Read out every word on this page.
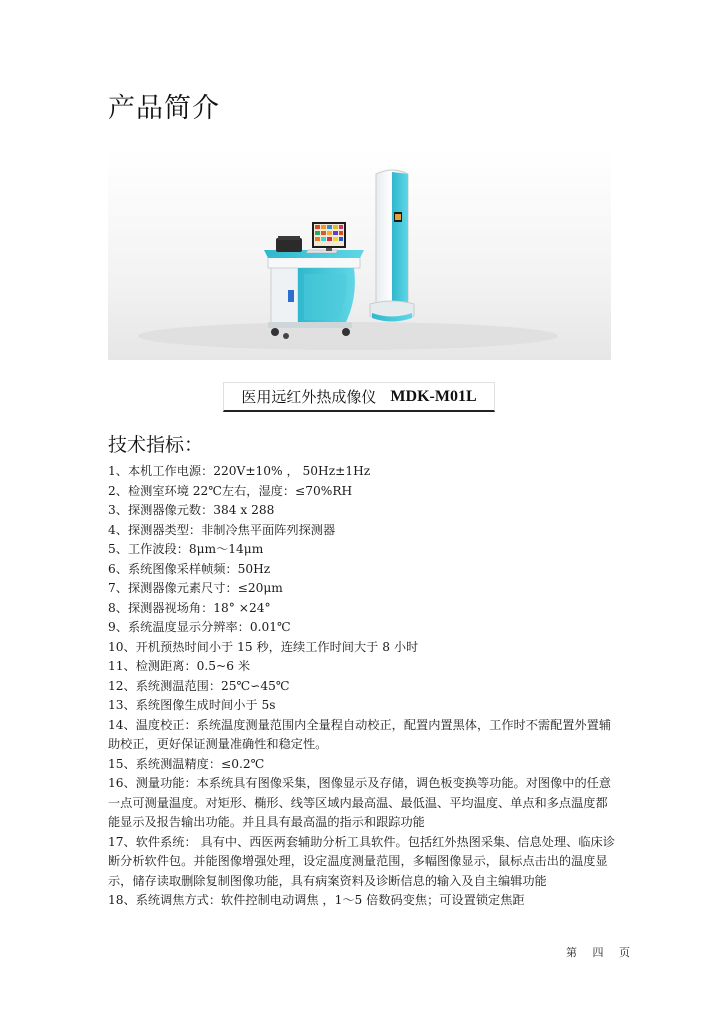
产品简介
医用远红外热成像仪 MDK-M01L
技术指标：
1、本机工作电源：220V±10% ， 50Hz±1Hz
2、检测室环境 22℃左右，湿度：≤70%RH
3、探测器像元数：384 x 288
4、探测器类型：非制冷焦平面阵列探测器
5、工作波段：8μm～14μm
6、系统图像采样帧频：50Hz
7、探测器像元素尺寸：≤20μm
8、探测器视场角：18° ×24°
9、系统温度显示分辨率：0.01℃
10、开机预热时间小于 15 秒，连续工作时间大于 8 小时
11、检测距离：0.5~6 米
12、系统测温范围：25℃∽45℃
13、系统图像生成时间小于 5s
14、温度校正：系统温度测量范围内全量程自动校正，配置内置黑体，工作时不需配置外置辅助校正，更好保证测量准确性和稳定性。
15、系统测温精度：≤0.2℃
16、测量功能：本系统具有图像采集，图像显示及存储，调色板变换等功能。对图像中的任意一点可测量温度。对矩形、椭形、线等区域内最高温、最低温、平均温度、单点和多点温度都能显示及报告输出功能。并且具有最高温的指示和跟踪功能
17、软件系统： 具有中、西医两套辅助分析工具软件。包括红外热图采集、信息处理、临床诊断分析软件包。并能图像增强处理，设定温度测量范围，多幅图像显示，鼠标点击出的温度显示，储存读取删除复制图像功能，具有病案资料及诊断信息的输入及自主编辑功能
18、系统调焦方式：软件控制电动调焦 ，1～5 倍数码变焦；可设置锁定焦距
第 四 页
